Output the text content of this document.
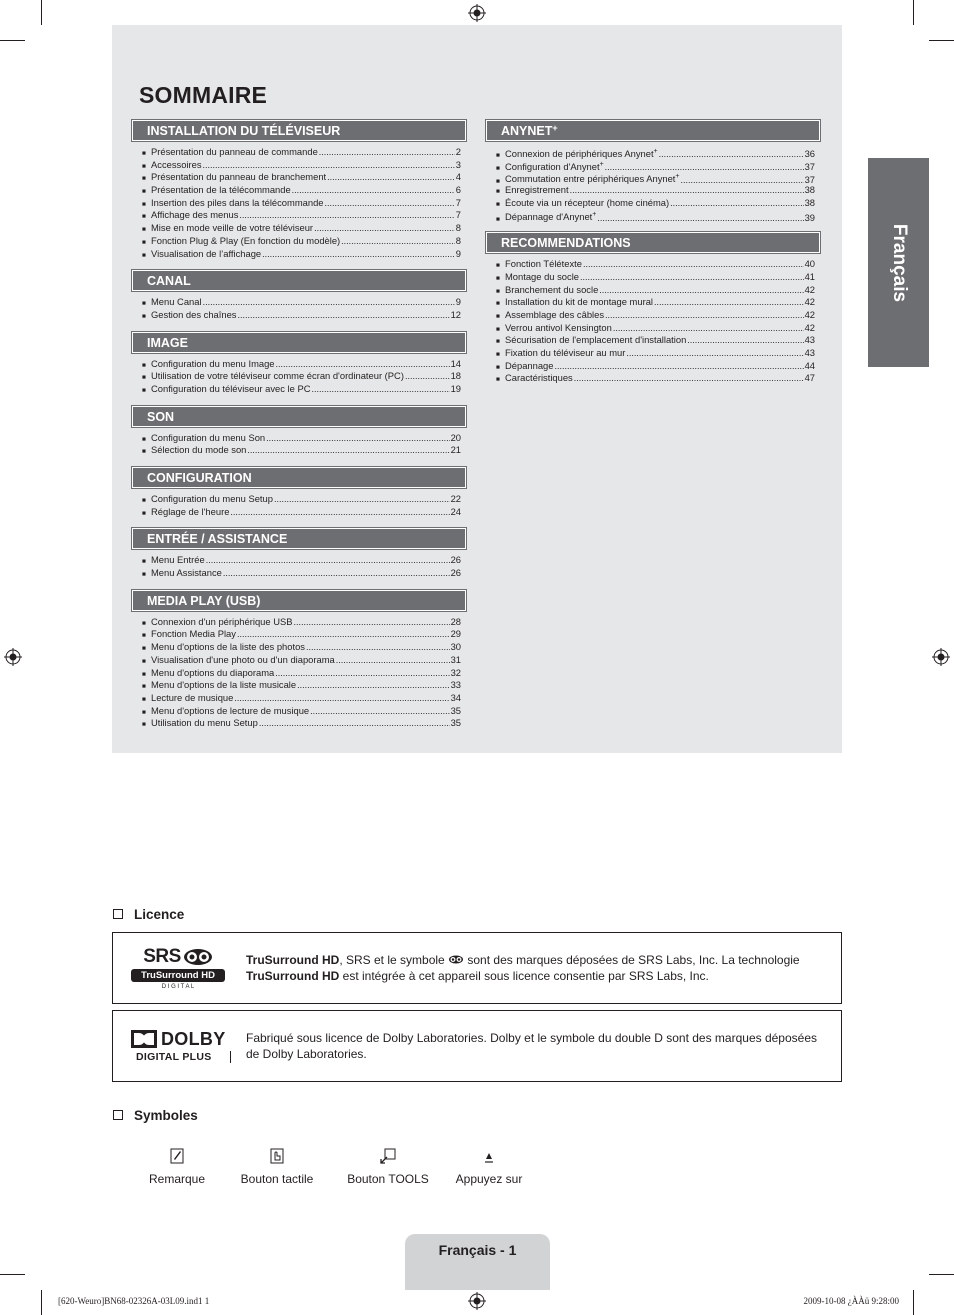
SOMMAIRE
INSTALLATION DU TÉLÉVISEUR
■ Présentation du panneau de commande .....	2
■ Accessoires .....	3
■ Présentation du panneau de branchement .....	4
■ Présentation de la télécommande .....	6
■ Insertion des piles dans la télécommande .....	7
■ Affichage des menus .....	7
■ Mise en mode veille de votre téléviseur .....	8
■ Fonction Plug & Play (En fonction du modèle) .....	8
■ Visualisation de l’affichage .....	9
CANAL
■ Menu Canal .....	9
■ Gestion des chaînes .....	12
IMAGE
■ Configuration du menu Image .....	14
■ Utilisation de votre téléviseur comme écran d'ordinateur (PC) .....	18
■ Configuration du téléviseur avec le PC .....	19
SON
■ Configuration du menu Son .....	20
■ Sélection du mode son .....	21
CONFIGURATION
■ Configuration du menu Setup .....	22
■ Réglage de l'heure .....	24
ENTRÉE / ASSISTANCE
■ Menu Entrée .....	26
■ Menu Assistance .....	26
MEDIA PLAY (USB)
■ Connexion d'un périphérique USB .....	28
■ Fonction Media Play .....	29
■ Menu d'options de la liste des photos .....	30
■ Visualisation d'une photo ou d'un diaporama .....	31
■ Menu d'options du diaporama .....	32
■ Menu d'options de la liste musicale .....	33
■ Lecture de musique .....	34
■ Menu d'options de lecture de musique .....	35
■ Utilisation du menu Setup .....	35
ANYNET+
■ Connexion de périphériques Anynet+ .....	36
■ Configuration d'Anynet+ .....	37
■ Commutation entre périphériques Anynet+ .....	37
■ Enregistrement .....	38
■ Écoute via un récepteur (home cinéma) .....	38
■ Dépannage d'Anynet+ .....	39
RECOMMENDATIONS
■ Fonction Télétexte .....	40
■ Montage du socle .....	41
■ Branchement du socle .....	42
■ Installation du kit de montage mural .....	42
■ Assemblage des câbles .....	42
■ Verrou antivol Kensington .....	42
■ Sécurisation de l'emplacement d'installation .....	43
■ Fixation du téléviseur au mur .....	43
■ Dépannage .....	44
■ Caractéristiques .....	47
Français
Licence
SRS
TruSurround HD
D I G I T A L
TruSurround HD, SRS et le symbole  sont des marques déposées de SRS Labs, Inc. La technologie
TruSurround HD est intégrée à cet appareil sous licence consentie par SRS Labs, Inc.
DOLBY
DIGITAL PLUS
Fabriqué sous licence de Dolby Laboratories. Dolby et le symbole du double D sont des marques déposées de Dolby Laboratories.
Symboles
Remarque	Bouton tactile	Bouton TOOLS	Appuyez sur
Français - 1
[620-Weuro]BN68-02326A-03L09.ind1 1	2009-10-08 ¿ÀÀü 9:28:00
